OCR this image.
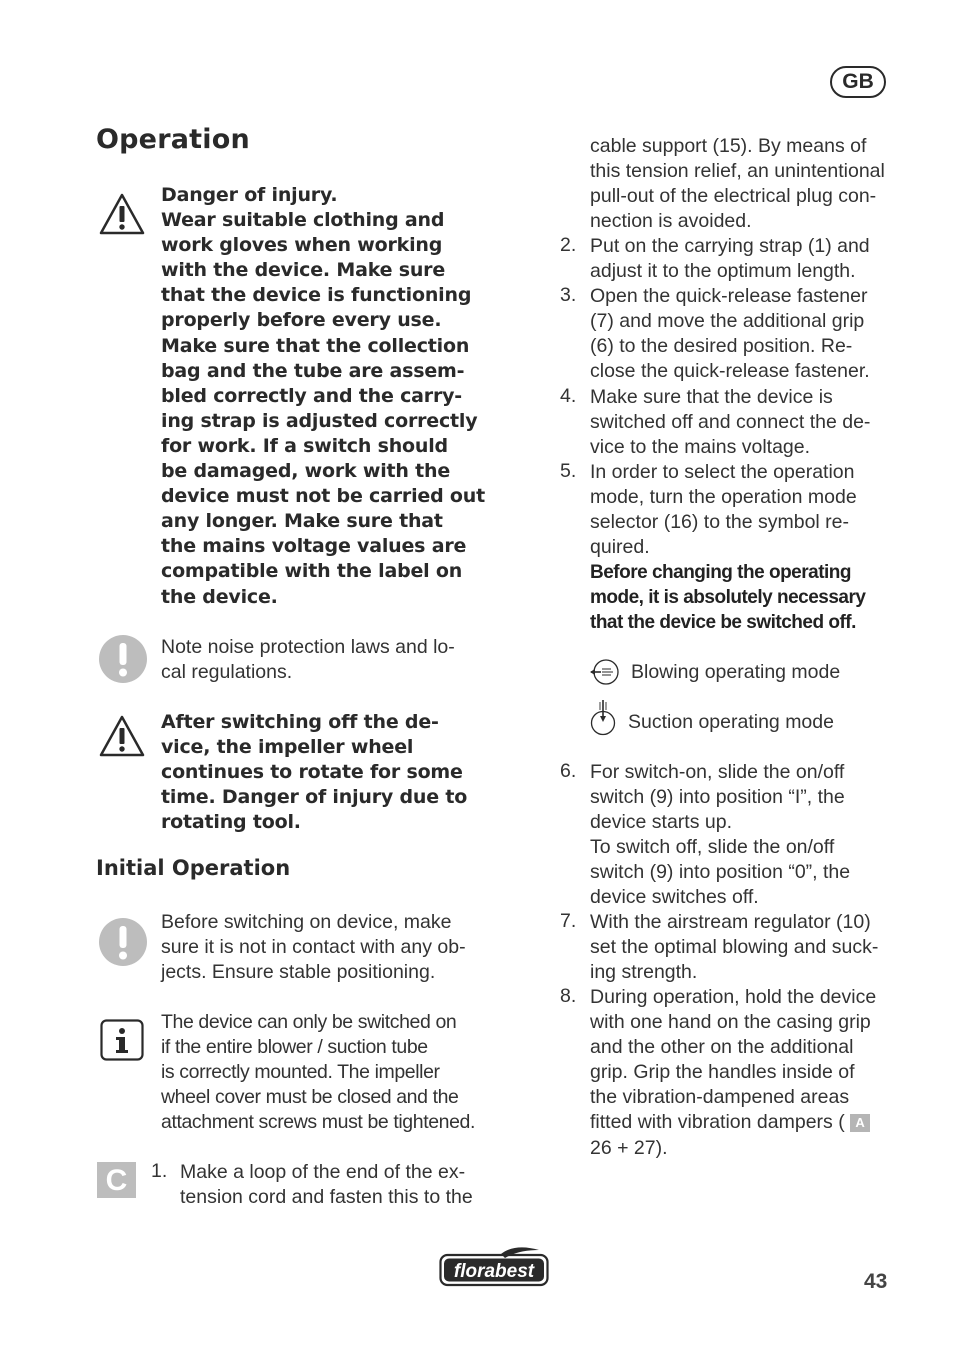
GB
Operation
Danger of injury.
Wear suitable clothing and
work gloves when working
with the device. Make sure
that the device is functioning
properly before every use.
Make sure that the collection
bag and the tube are assem-
bled correctly and the carry-
ing strap is adjusted correctly
for work. If a switch should
be damaged, work with the
device must not be carried out
any longer. Make sure that
the mains voltage values are
compatible with the label on
the device.
Note noise protection laws and lo-
cal regulations.
After switching off the de-
vice, the impeller wheel
continues to rotate for some
time. Danger of injury due to
rotating tool.
Initial Operation
Before switching on device, make
sure it is not in contact with any ob-
jects. Ensure stable positioning.
The device can only be switched on
if the entire blower / suction tube
is correctly mounted. The impeller
wheel cover must be closed and the
attachment screws must be tightened.
C	1. Make a loop of the end of the ex-
tension cord and fasten this to the
cable support (15). By means of
this tension relief, an unintentional
pull-out of the electrical plug con-
nection is avoided.
2. Put on the carrying strap (1) and
adjust it to the optimum length.
3. Open the quick-release fastener
(7) and move the additional grip
(6) to the desired position. Re-
close the quick-release fastener.
4. Make sure that the device is
switched off and connect the de-
vice to the mains voltage.
5. In order to select the operation
mode, turn the operation mode
selector (16) to the symbol re-
quired.
Before changing the operating
mode, it is absolutely necessary
that the device be switched off.
Blowing operating mode
Suction operating mode
6. For switch-on, slide the on/off
switch (9) into position “I”, the
device starts up.
To switch off, slide the on/off
switch (9) into position “0”, the
device switches off.
7. With the airstream regulator (10)
set the optimal blowing and suck-
ing strength.
8. During operation, hold the device
with one hand on the casing grip
and the other on the additional
grip. Grip the handles inside of
the vibration-dampened areas
fitted with vibration dampers ( A
26 + 27).
florabest	43
